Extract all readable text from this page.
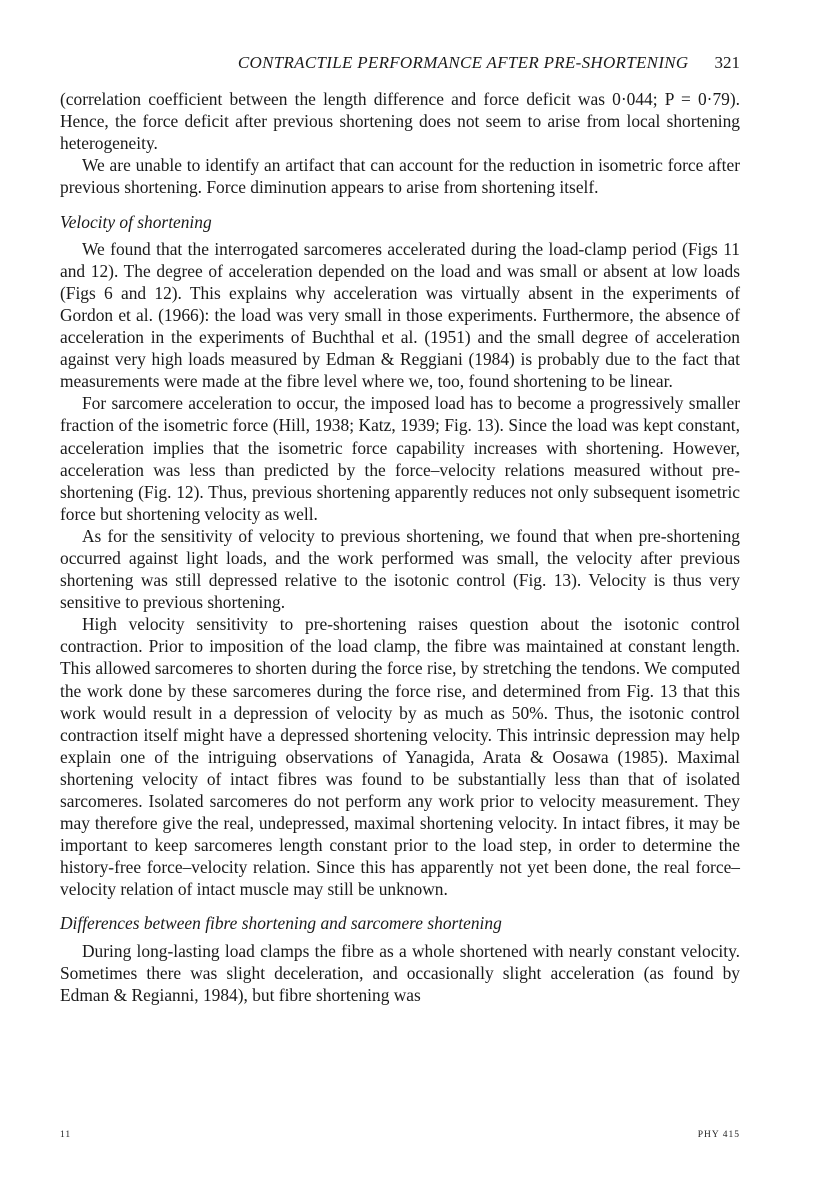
CONTRACTILE PERFORMANCE AFTER PRE-SHORTENING 321

(correlation coefficient between the length difference and force deficit was 0·044; P = 0·79). Hence, the force deficit after previous shortening does not seem to arise from local shortening heterogeneity.

We are unable to identify an artifact that can account for the reduction in isometric force after previous shortening. Force diminution appears to arise from shortening itself.

Velocity of shortening

We found that the interrogated sarcomeres accelerated during the load-clamp period (Figs 11 and 12). The degree of acceleration depended on the load and was small or absent at low loads (Figs 6 and 12). This explains why acceleration was virtually absent in the experiments of Gordon et al. (1966): the load was very small in those experiments. Furthermore, the absence of acceleration in the experiments of Buchthal et al. (1951) and the small degree of acceleration against very high loads measured by Edman & Reggiani (1984) is probably due to the fact that measurements were made at the fibre level where we, too, found shortening to be linear.

For sarcomere acceleration to occur, the imposed load has to become a progressively smaller fraction of the isometric force (Hill, 1938; Katz, 1939; Fig. 13). Since the load was kept constant, acceleration implies that the isometric force capability increases with shortening. However, acceleration was less than predicted by the force–velocity relations measured without pre-shortening (Fig. 12). Thus, previous shortening apparently reduces not only subsequent isometric force but shortening velocity as well.

As for the sensitivity of velocity to previous shortening, we found that when pre-shortening occurred against light loads, and the work performed was small, the velocity after previous shortening was still depressed relative to the isotonic control (Fig. 13). Velocity is thus very sensitive to previous shortening.

High velocity sensitivity to pre-shortening raises question about the isotonic control contraction. Prior to imposition of the load clamp, the fibre was maintained at constant length. This allowed sarcomeres to shorten during the force rise, by stretching the tendons. We computed the work done by these sarcomeres during the force rise, and determined from Fig. 13 that this work would result in a depression of velocity by as much as 50%. Thus, the isotonic control contraction itself might have a depressed shortening velocity. This intrinsic depression may help explain one of the intriguing observations of Yanagida, Arata & Oosawa (1985). Maximal shortening velocity of intact fibres was found to be substantially less than that of isolated sarcomeres. Isolated sarcomeres do not perform any work prior to velocity measurement. They may therefore give the real, undepressed, maximal shortening velocity. In intact fibres, it may be important to keep sarcomeres length constant prior to the load step, in order to determine the history-free force–velocity relation. Since this has apparently not yet been done, the real force–velocity relation of intact muscle may still be unknown.

Differences between fibre shortening and sarcomere shortening

During long-lasting load clamps the fibre as a whole shortened with nearly constant velocity. Sometimes there was slight deceleration, and occasionally slight acceleration (as found by Edman & Regianni, 1984), but fibre shortening was

11	PHY 415
